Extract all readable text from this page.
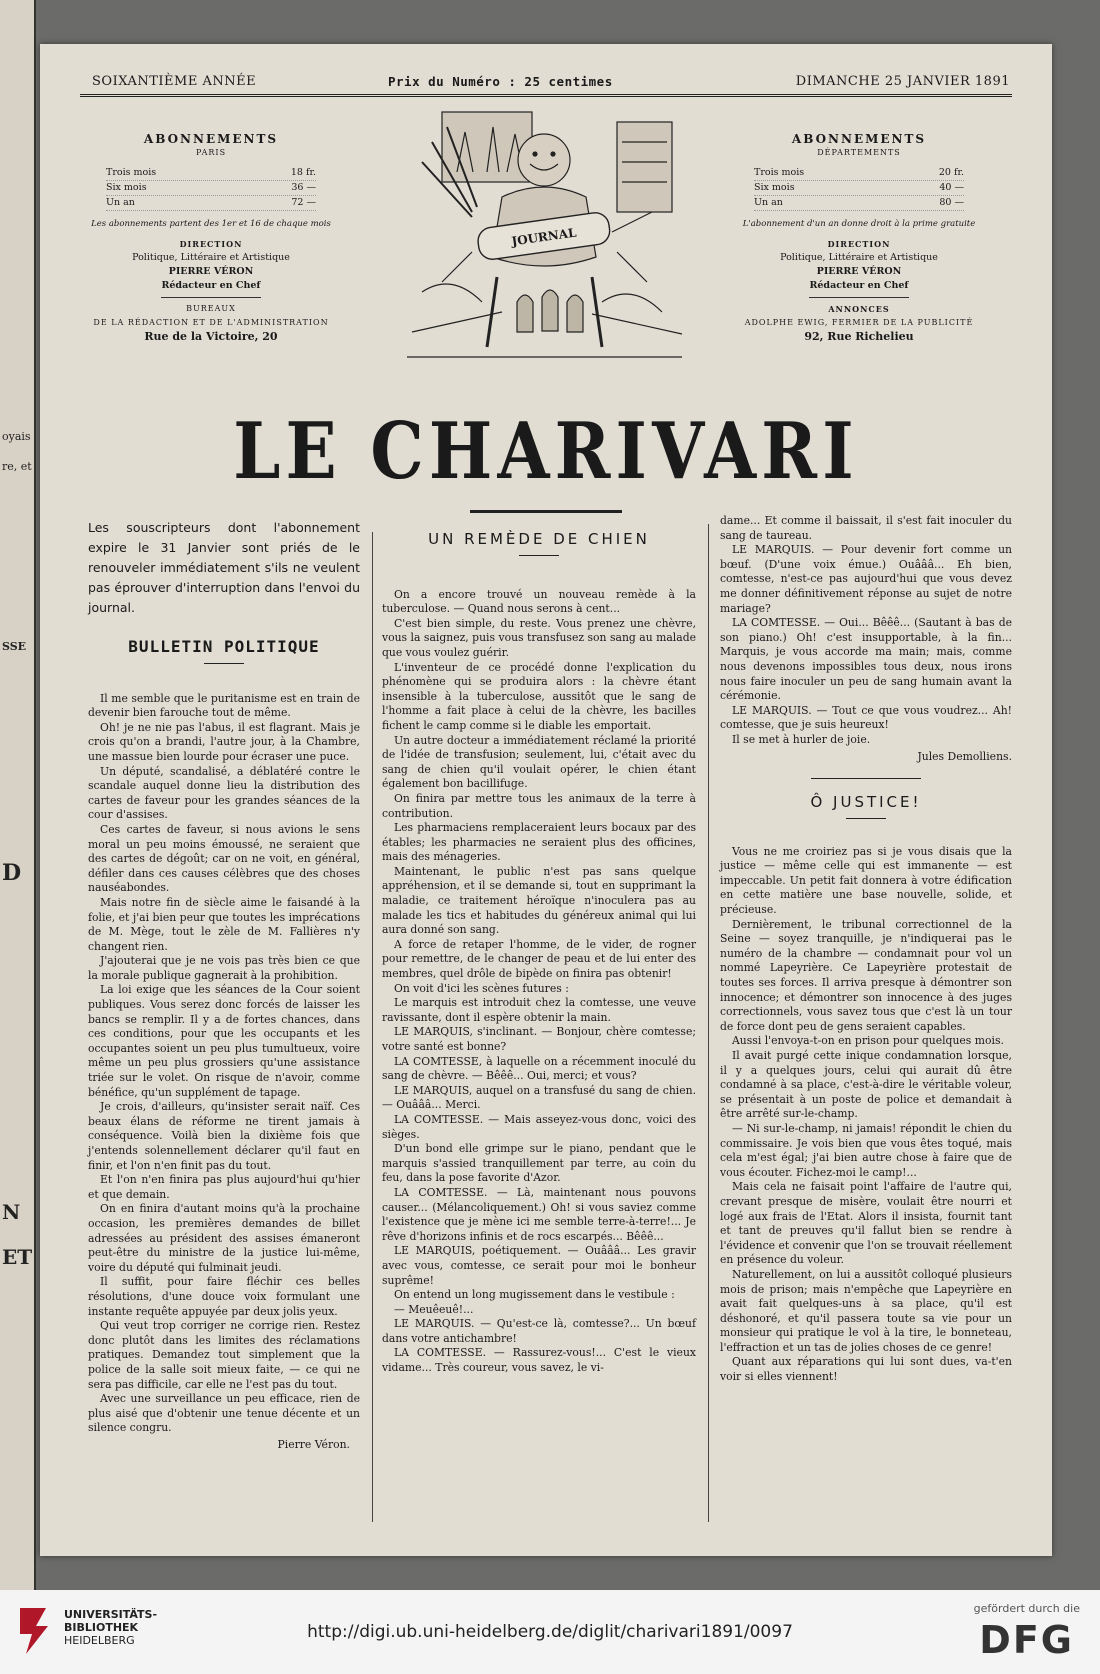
oyais
re, et
SSE
D
N
ET
SOIXANTIÈME ANNÉE	Prix du Numéro : 25 centimes	DIMANCHE 25 JANVIER 1891
ABONNEMENTS
PARIS
Trois mois	18 fr.
Six mois	36 —
Un an	72 —
Les abonnements partent des 1er et 16 de chaque mois
DIRECTION
Politique, Littéraire et Artistique
PIERRE VÉRON
Rédacteur en Chef
BUREAUX
DE LA RÉDACTION ET DE L'ADMINISTRATION
Rue de la Victoire, 20
JOURNAL
ABONNEMENTS
DÉPARTEMENTS
Trois mois	20 fr.
Six mois	40 —
Un an	80 —
L'abonnement d'un an donne droit à la prime gratuite
DIRECTION
Politique, Littéraire et Artistique
PIERRE VÉRON
Rédacteur en Chef
ANNONCES
ADOLPHE EWIG, FERMIER DE LA PUBLICITÉ
92, Rue Richelieu
LE CHARIVARI
Les souscripteurs dont l'abonnement expire le 31 Janvier sont priés de le renouveler immédiatement s'ils ne veulent pas éprouver d'interruption dans l'envoi du journal.
BULLETIN POLITIQUE

Il me semble que le puritanisme est en train de devenir bien farouche tout de même.

Oh! je ne nie pas l'abus, il est flagrant. Mais je crois qu'on a brandi, l'autre jour, à la Chambre, une massue bien lourde pour écraser une puce.

Un député, scandalisé, a déblatéré contre le scandale auquel donne lieu la distribution des cartes de faveur pour les grandes séances de la cour d'assises.

Ces cartes de faveur, si nous avions le sens moral un peu moins émoussé, ne seraient que des cartes de dégoût; car on ne voit, en général, défiler dans ces causes célèbres que des choses nauséabondes.

Mais notre fin de siècle aime le faisandé à la folie, et j'ai bien peur que toutes les imprécations de M. Mège, tout le zèle de M. Fallières n'y changent rien.

J'ajouterai que je ne vois pas très bien ce que la morale publique gagnerait à la prohibition.

La loi exige que les séances de la Cour soient publiques. Vous serez donc forcés de laisser les bancs se remplir. Il y a de fortes chances, dans ces conditions, pour que les occupants et les occupantes soient un peu plus tumultueux, voire même un peu plus grossiers qu'une assistance triée sur le volet. On risque de n'avoir, comme bénéfice, qu'un supplément de tapage.

Je crois, d'ailleurs, qu'insister serait naïf. Ces beaux élans de réforme ne tirent jamais à conséquence. Voilà bien la dixième fois que j'entends solennellement déclarer qu'il faut en finir, et l'on n'en finit pas du tout.

Et l'on n'en finira pas plus aujourd'hui qu'hier et que demain.

On en finira d'autant moins qu'à la prochaine occasion, les premières demandes de billet adressées au président des assises émaneront peut-être du ministre de la justice lui-même, voire du député qui fulminait jeudi.

Il suffit, pour faire fléchir ces belles résolutions, d'une douce voix formulant une instante requête appuyée par deux jolis yeux.

Qui veut trop corriger ne corrige rien. Restez donc plutôt dans les limites des réclamations pratiques. Demandez tout simplement que la police de la salle soit mieux faite, — ce qui ne sera pas difficile, car elle ne l'est pas du tout.

Avec une surveillance un peu efficace, rien de plus aisé que d'obtenir une tenue décente et un silence congru.

Pierre Véron.
UN REMÈDE DE CHIEN

On a encore trouvé un nouveau remède à la tuberculose. — Quand nous serons à cent...

C'est bien simple, du reste. Vous prenez une chèvre, vous la saignez, puis vous transfusez son sang au malade que vous voulez guérir.

L'inventeur de ce procédé donne l'explication du phénomène qui se produira alors : la chèvre étant insensible à la tuberculose, aussitôt que le sang de l'homme a fait place à celui de la chèvre, les bacilles fichent le camp comme si le diable les emportait.

Un autre docteur a immédiatement réclamé la priorité de l'idée de transfusion; seulement, lui, c'était avec du sang de chien qu'il voulait opérer, le chien étant également bon bacillifuge.

On finira par mettre tous les animaux de la terre à contribution.

Les pharmaciens remplaceraient leurs bocaux par des étables; les pharmacies ne seraient plus des officines, mais des ménageries.

Maintenant, le public n'est pas sans quelque appréhension, et il se demande si, tout en supprimant la maladie, ce traitement héroïque n'inoculera pas au malade les tics et habitudes du généreux animal qui lui aura donné son sang.

A force de retaper l'homme, de le vider, de rogner pour remettre, de le changer de peau et de lui enter des membres, quel drôle de bipède on finira pas obtenir!

On voit d'ici les scènes futures :

Le marquis est introduit chez la comtesse, une veuve ravissante, dont il espère obtenir la main.

LE MARQUIS, s'inclinant. — Bonjour, chère comtesse; votre santé est bonne?

LA COMTESSE, à laquelle on a récemment inoculé du sang de chèvre. — Bêêê... Oui, merci; et vous?

LE MARQUIS, auquel on a transfusé du sang de chien. — Ouâââ... Merci.

LA COMTESSE. — Mais asseyez-vous donc, voici des sièges.

D'un bond elle grimpe sur le piano, pendant que le marquis s'assied tranquillement par terre, au coin du feu, dans la pose favorite d'Azor.

LA COMTESSE. — Là, maintenant nous pouvons causer... (Mélancoliquement.) Oh! si vous saviez comme l'existence que je mène ici me semble terre-à-terre!... Je rêve d'horizons infinis et de rocs escarpés... Bêêê...

LE MARQUIS, poétiquement. — Ouâââ... Les gravir avec vous, comtesse, ce serait pour moi le bonheur suprême!

On entend un long mugissement dans le vestibule :

— Meuêeuê!...

LE MARQUIS. — Qu'est-ce là, comtesse?... Un bœuf dans votre antichambre!

LA COMTESSE. — Rassurez-vous!... C'est le vieux vidame... Très coureur, vous savez, le vi-

dame... Et comme il baissait, il s'est fait inoculer du sang de taureau.

LE MARQUIS. — Pour devenir fort comme un bœuf. (D'une voix émue.) Ouâââ... Eh bien, comtesse, n'est-ce pas aujourd'hui que vous devez me donner définitivement réponse au sujet de notre mariage?

LA COMTESSE. — Oui... Bêêê... (Sautant à bas de son piano.) Oh! c'est insupportable, à la fin... Marquis, je vous accorde ma main; mais, comme nous devenons impossibles tous deux, nous irons nous faire inoculer un peu de sang humain avant la cérémonie.

LE MARQUIS. — Tout ce que vous voudrez... Ah! comtesse, que je suis heureux!

Il se met à hurler de joie.

Jules Demolliens.
Ô JUSTICE!

Vous ne me croiriez pas si je vous disais que la justice — même celle qui est immanente — est impeccable. Un petit fait donnera à votre édification en cette matière une base nouvelle, solide, et précieuse.

Dernièrement, le tribunal correctionnel de la Seine — soyez tranquille, je n'indiquerai pas le numéro de la chambre — condamnait pour vol un nommé Lapeyrière. Ce Lapeyrière protestait de toutes ses forces. Il arriva presque à démontrer son innocence; et démontrer son innocence à des juges correctionnels, vous savez tous que c'est là un tour de force dont peu de gens seraient capables.

Aussi l'envoya-t-on en prison pour quelques mois.

Il avait purgé cette inique condamnation lorsque, il y a quelques jours, celui qui aurait dû être condamné à sa place, c'est-à-dire le véritable voleur, se présentait à un poste de police et demandait à être arrêté sur-le-champ.

— Ni sur-le-champ, ni jamais! répondit le chien du commissaire. Je vois bien que vous êtes toqué, mais cela m'est égal; j'ai bien autre chose à faire que de vous écouter. Fichez-moi le camp!...

Mais cela ne faisait point l'affaire de l'autre qui, crevant presque de misère, voulait être nourri et logé aux frais de l'Etat. Alors il insista, fournit tant et tant de preuves qu'il fallut bien se rendre à l'évidence et convenir que l'on se trouvait réellement en présence du voleur.

Naturellement, on lui a aussitôt colloqué plusieurs mois de prison; mais n'empêche que Lapeyrière en avait fait quelques-uns à sa place, qu'il est déshonoré, et qu'il passera toute sa vie pour un monsieur qui pratique le vol à la tire, le bonneteau, l'effraction et un tas de jolies choses de ce genre!

Quant aux réparations qui lui sont dues, va-t'en voir si elles viennent!

UNIVERSITÄTS-
BIBLIOTHEK
HEIDELBERG	http://digi.ub.uni-heidelberg.de/diglit/charivari1891/0097
gefördert durch die
DFG
